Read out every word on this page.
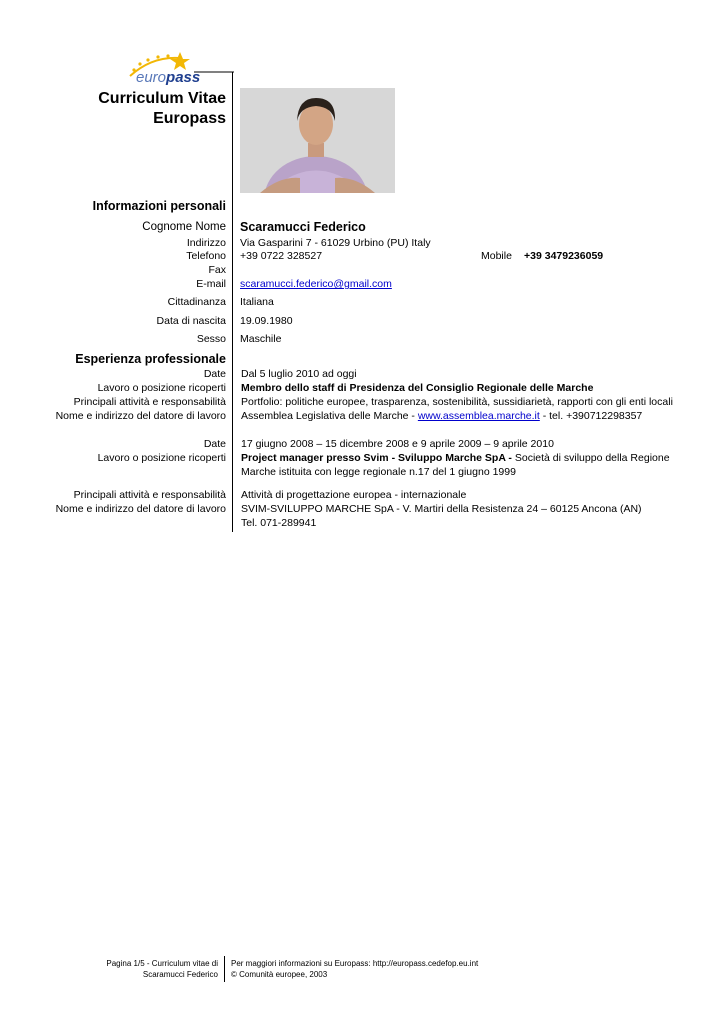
europass
Curriculum Vitae
Europass
Informazioni personali
Cognome Nome Scaramucci Federico
Indirizzo Via Gasparini 7 - 61029 Urbino (PU) Italy
Telefono +39 0722 328527	Mobile +39 3479236059
Fax
E-mail scaramucci.federico@gmail.com
Cittadinanza Italiana
Data di nascita 19.09.1980
Sesso Maschile
Esperienza professionale
Date Dal 5 luglio 2010 ad oggi
Lavoro o posizione ricoperti Membro dello staff di Presidenza del Consiglio Regionale delle Marche
Principali attività e responsabilità Portfolio: politiche europee, trasparenza, sostenibilità, sussidiarietà, rapporti con gli enti locali
Nome e indirizzo del datore di lavoro Assemblea Legislativa delle Marche - www.assemblea.marche.it - tel. +390712298357
Date 17 giugno 2008 – 15 dicembre 2008 e 9 aprile 2009 – 9 aprile 2010
Lavoro o posizione ricoperti Project manager presso Svim - Sviluppo Marche SpA - Società di sviluppo della Regione
Marche istituita con legge regionale n.17 del 1 giugno 1999
Principali attività e responsabilità Attività di progettazione europea - internazionale
Nome e indirizzo del datore di lavoro SVIM-SVILUPPO MARCHE SpA - V. Martiri della Resistenza 24 – 60125 Ancona (AN)
Tel. 071-289941
Pagina 1/5 - Curriculum vitae di
Scaramucci Federico
Per maggiori informazioni su Europass: http://europass.cedefop.eu.int
© Comunità europee, 2003
